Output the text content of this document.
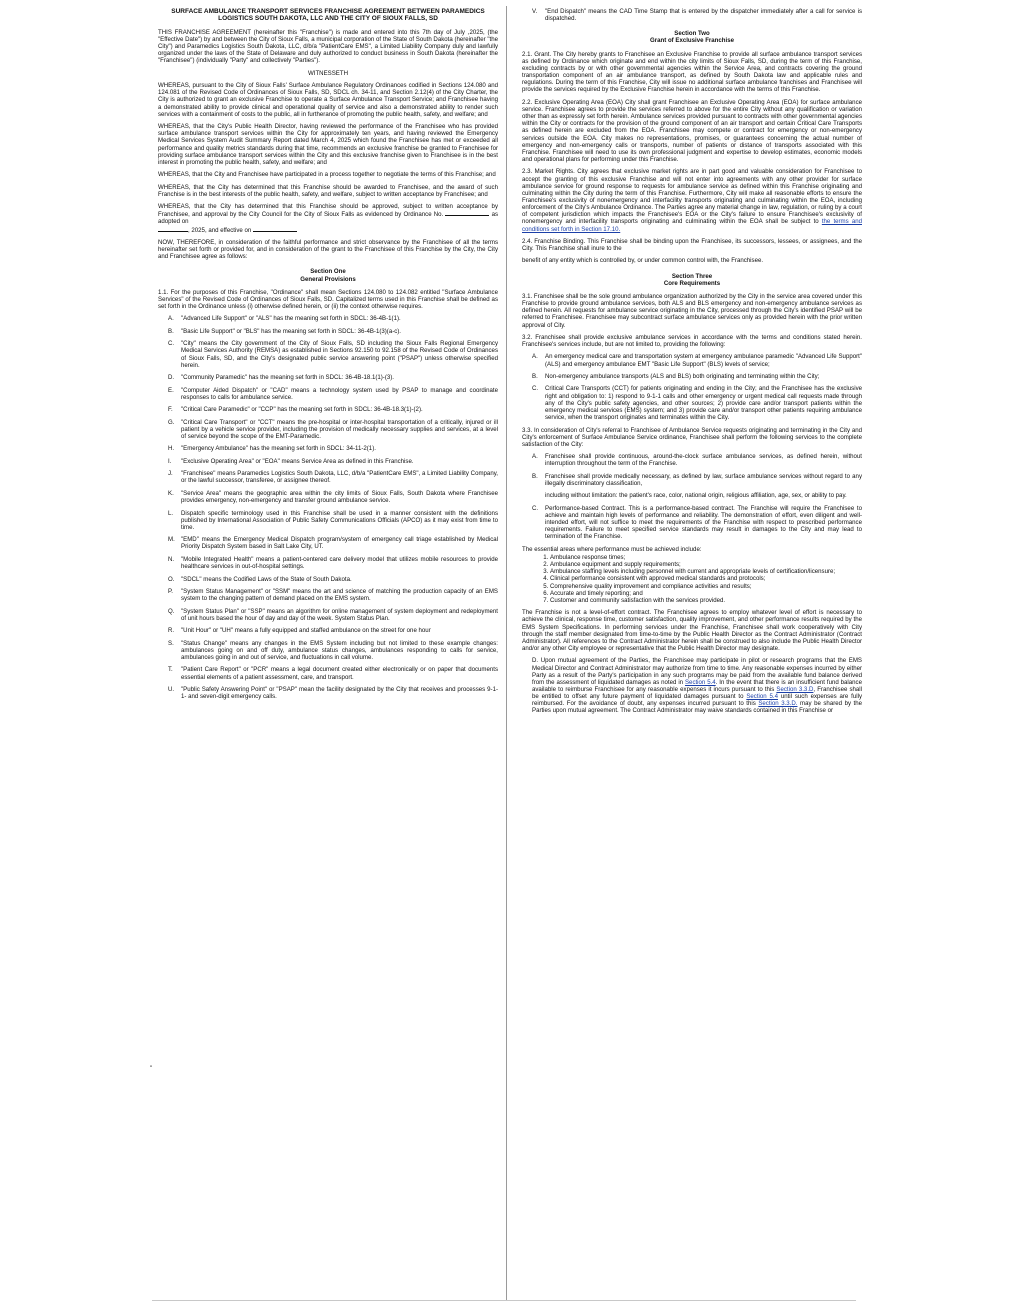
SURFACE AMBULANCE TRANSPORT SERVICES FRANCHISE AGREEMENT BETWEEN PARAMEDICS LOGISTICS SOUTH DAKOTA, LLC AND THE CITY OF SIOUX FALLS, SD

THIS FRANCHISE AGREEMENT (hereinafter this "Franchise") is made and entered into this 7th day of July ,2025, (the "Effective Date") by and between the City of Sioux Falls, a municipal corporation of the State of South Dakota (hereinafter "the City") and Paramedics Logistics South Dakota, LLC, d/b/a "PatientCare EMS", a Limited Liability Company duly and lawfully organized under the laws of the State of Delaware and duly authorized to conduct business in South Dakota (hereinafter the "Franchisee") (individually "Party" and collectively "Parties").

WITNESSETH

WHEREAS, pursuant to the City of Sioux Falls' Surface Ambulance Regulatory Ordinances codified in Sections 124.080 and 124.081 of the Revised Code of Ordinances of Sioux Falls, SD, SDCL ch. 34-11, and Section 2.12(4) of the City Charter, the City is authorized to grant an exclusive Franchise to operate a Surface Ambulance Transport Service; and Franchisee having a demonstrated ability to provide clinical and operational quality of service and also a demonstrated ability to render such services with a containment of costs to the public, all in furtherance of promoting the public health, safety, and welfare; and

WHEREAS, that the City's Public Health Director, having reviewed the performance of the Franchisee who has provided surface ambulance transport services within the City for approximately ten years, and having reviewed the Emergency Medical Services System Audit Summary Report dated March 4, 2025 which found the Franchisee has met or exceeded all performance and quality metrics standards during that time, recommends an exclusive franchise be granted to Franchisee for providing surface ambulance transport services within the City and this exclusive franchise given to Franchisee is in the best interest in promoting the public health, safety, and welfare; and

WHEREAS, that the City and Franchisee have participated in a process together to negotiate the terms of this Franchise; and

WHEREAS, that the City has determined that this Franchise should be awarded to Franchisee, and the award of such Franchise is in the best interests of the public health, safety, and welfare, subject to written acceptance by Franchisee; and

WHEREAS, that the City has determined that this Franchise should be approved, subject to written acceptance by Franchisee, and approval by the City Council for the City of Sioux Falls as evidenced by Ordinance No.	as adopted on
, 2025, and effective on

NOW, THEREFORE, in consideration of the faithful performance and strict observance by the Franchisee of all the terms hereinafter set forth or provided for, and in consideration of the grant to the Franchisee of this Franchise by the City, the City and Franchisee agree as follows:

Section One
General Provisions

1.1. For the purposes of this Franchise, "Ordinance" shall mean Sections 124.080 to 124.082 entitled "Surface Ambulance Services" of the Revised Code of Ordinances of Sioux Falls, SD. Capitalized terms used in this Franchise shall be defined as set forth in the Ordinance unless (i) otherwise defined herein, or (ii) the context otherwise requires.

A.	"Advanced Life Support" or "ALS" has the meaning set forth in SDCL: 36-4B-1(1).
B.	"Basic Life Support" or "BLS" has the meaning set forth in SDCL: 36-4B-1(3)(a-c).
C.	"City" means the City government of the City of Sioux Falls, SD including the Sioux Falls Regional Emergency Medical Services Authority (REMSA) as established in Sections 92.150 to 92.158 of the Revised Code of Ordinances of Sioux Falls, SD, and the City's designated public service answering point ("PSAP") unless otherwise specified herein.
D.	"Community Paramedic" has the meaning set forth in SDCL: 36-4B-18.1(1)-(3).
E.	"Computer Aided Dispatch" or "CAD" means a technology system used by PSAP to manage and coordinate responses to calls for ambulance service.
F.	"Critical Care Paramedic" or "CCP" has the meaning set forth in SDCL: 36-4B-18.3(1)-(2).
G.	"Critical Care Transport" or "CCT" means the pre-hospital or inter-hospital transportation of a critically, injured or ill patient by a vehicle service provider, including the provision of medically necessary supplies and services, at a level of service beyond the scope of the EMT-Paramedic.
H.	"Emergency Ambulance" has the meaning set forth in SDCL: 34-11-2(1).
I.	"Exclusive Operating Area" or "EOA" means Service Area as defined in this Franchise.
J.	"Franchisee" means Paramedics Logistics South Dakota, LLC, d/b/a "PatientCare EMS", a Limited Liability Company, or the lawful successor, transferee, or assignee thereof.
K.	"Service Area" means the geographic area within the city limits of Sioux Falls, South Dakota where Franchisee provides emergency, non-emergency and transfer ground ambulance service.
L.	Dispatch specific terminology used in this Franchise shall be used in a manner consistent with the definitions published by International Association of Public Safety Communications Officials (APCO) as it may exist from time to time.
M.	"EMD" means the Emergency Medical Dispatch program/system of emergency call triage established by Medical Priority Dispatch System based in Salt Lake City, UT.
N.	"Mobile Integrated Health" means a patient-centered care delivery model that utilizes mobile resources to provide healthcare services in out-of-hospital settings.
O.	"SDCL" means the Codified Laws of the State of South Dakota.
P.	"System Status Management" or "SSM" means the art and science of matching the production capacity of an EMS system to the changing pattern of demand placed on the EMS system.
Q.	"System Status Plan" or "SSP" means an algorithm for online management of system deployment and redeployment of unit hours based the hour of day and day of the week. System Status Plan.
R.	"Unit Hour" or "UH" means a fully equipped and staffed ambulance on the street for one hour
S.	"Status Change" means any changes in the EMS System including but not limited to these example changes: ambulances going on and off duty, ambulance status changes, ambulances responding to calls for service, ambulances going in and out of service, and fluctuations in call volume.
T.	"Patient Care Report" or "PCR" means a legal document created either electronically or on paper that documents essential elements of a patient assessment, care, and transport.
U.	"Public Safety Answering Point" or "PSAP" mean the facility designated by the City that receives and processes 9-1-1- and seven-digit emergency calls.
"
V.	"End Dispatch" means the CAD Time Stamp that is entered by the dispatcher immediately after a call for service is dispatched.
Section Two
Grant of Exclusive Franchise

2.1. Grant. The City hereby grants to Franchisee an Exclusive Franchise to provide all surface ambulance transport services as defined by Ordinance which originate and end within the city limits of Sioux Falls, SD, during the term of this Franchise, excluding contracts by or with other governmental agencies within the Service Area, and contracts covering the ground transportation component of an air ambulance transport, as defined by South Dakota law and applicable rules and regulations. During the term of this Franchise, City will issue no additional surface ambulance franchises and Franchisee will provide the services required by the Exclusive Franchise herein in accordance with the terms of this Franchise.

2.2. Exclusive Operating Area (EOA) City shall grant Franchisee an Exclusive Operating Area (EOA) for surface ambulance service. Franchisee agrees to provide the services referred to above for the entire City without any qualification or variation other than as expressly set forth herein. Ambulance services provided pursuant to contracts with other governmental agencies within the City or contracts for the provision of the ground component of an air transport and certain Critical Care Transports as defined herein are excluded from the EOA. Franchisee may compete or contract for emergency or non-emergency services outside the EOA. City makes no representations, promises, or guarantees concerning the actual number of emergency and non-emergency calls or transports, number of patients or distance of transports associated with this Franchise. Franchisee will need to use its own professional judgment and expertise to develop estimates, economic models and operational plans for performing under this Franchise.

2.3. Market Rights. City agrees that exclusive market rights are in part good and valuable consideration for Franchisee to accept the granting of this exclusive Franchise and will not enter into agreements with any other provider for surface ambulance service for ground response to requests for ambulance service as defined within this Franchise originating and culminating within the City during the term of this Franchise. Furthermore, City will make all reasonable efforts to ensure the Franchisee's exclusivity of nonemergency and interfacility transports originating and culminating within the EOA, including enforcement of the City's Ambulance Ordinance. The Parties agree any material change in law, regulation, or ruling by a court of competent jurisdiction which impacts the Franchisee's EOA or the City's failure to ensure Franchisee's exclusivity of nonemergency and interfacility transports originating and culminating within the EOA shall be subject to the terms and conditions set forth in Section 17.10.

2.4. Franchise Binding. This Franchise shall be binding upon the Franchisee, its successors, lessees, or assignees, and the City. This Franchise shall inure to the

benefit of any entity which is controlled by, or under common control with, the Franchisee.

Section Three
Core Requirements

3.1. Franchisee shall be the sole ground ambulance organization authorized by the City in the service area covered under this Franchise to provide ground ambulance services, both ALS and BLS emergency and non-emergency ambulance services as defined herein. All requests for ambulance service originating in the City, processed through the City's identified PSAP will be referred to Franchisee. Franchisee may subcontract surface ambulance services only as provided herein with the prior written approval of City.

3.2. Franchisee shall provide exclusive ambulance services in accordance with the terms and conditions stated herein. Franchisee's services include, but are not limited to, providing the following:

A.	An emergency medical care and transportation system at emergency ambulance paramedic "Advanced Life Support" (ALS) and emergency ambulance EMT "Basic Life Support" (BLS) levels of service;
B.	Non-emergency ambulance transports (ALS and BLS) both originating and terminating within the City;
C.	Critical Care Transports (CCT) for patients originating and ending in the City; and the Franchisee has the exclusive right and obligation to: 1) respond to 9-1-1 calls and other emergency or urgent medical call requests made through any of the City's public safety agencies, and other sources; 2) provide care and/or transport patients within the emergency medical services (EMS) system; and 3) provide care and/or transport other patients requiring ambulance service, when the transport originates and terminates within the City.

3.3. In consideration of City's referral to Franchisee of Ambulance Service requests originating and terminating in the City and City's enforcement of Surface Ambulance Service ordinance, Franchisee shall perform the following services to the complete satisfaction of the City:

A.	Franchisee shall provide continuous, around-the-clock surface ambulance services, as defined herein, without interruption throughout the term of the Franchise.
B.	Franchisee shall provide medically necessary, as defined by law, surface ambulance services without regard to any illegally discriminatory classification,

including without limitation: the patient's race, color, national origin, religious affiliation, age, sex, or ability to pay.

C.	Performance-based Contract. This is a performance-based contract. The Franchise will require the Franchisee to achieve and maintain high levels of performance and reliability. The demonstration of effort, even diligent and well-intended effort, will not suffice to meet the requirements of the Franchise with respect to prescribed performance requirements. Failure to meet specified service standards may result in damages to the City and may lead to termination of the Franchise.

The essential areas where performance must be achieved include:

1. Ambulance response times;
2. Ambulance equipment and supply requirements;
3. Ambulance staffing levels including personnel with current and appropriate levels of certification/licensure;
4. Clinical performance consistent with approved medical standards and protocols;
5. Comprehensive quality improvement and compliance activities and results;
6. Accurate and timely reporting; and
7. Customer and community satisfaction with the services provided.

The Franchise is not a level-of-effort contract. The Franchisee agrees to employ whatever level of effort is necessary to achieve the clinical, response time, customer satisfaction, quality improvement, and other performance results required by the EMS System Specifications. In performing services under the Franchise, Franchisee shall work cooperatively with City through the staff member designated from time-to-time by the Public Health Director as the Contract Administrator (Contract Administrator). All references to the Contract Administrator herein shall be construed to also include the Public Health Director and/or any other City employee or representative that the Public Health Director may designate.

D. Upon mutual agreement of the Parties, the Franchisee may participate in pilot or research programs that the EMS Medical Director and Contract Administrator may authorize from time to time. Any reasonable expenses incurred by either Party as a result of the Party's participation in any such programs may be paid from the available fund balance derived from the assessment of liquidated damages as noted in Section 5.4. In the event that there is an insufficient fund balance available to reimburse Franchisee for any reasonable expenses it incurs pursuant to this Section 3.3.D, Franchisee shall be entitled to offset any future payment of liquidated damages pursuant to Section 5.4 until such expenses are fully reimbursed. For the avoidance of doubt, any expenses incurred pursuant to this Section 3.3.D. may be shared by the Parties upon mutual agreement. The Contract Administrator may waive standards contained in this Franchise or
